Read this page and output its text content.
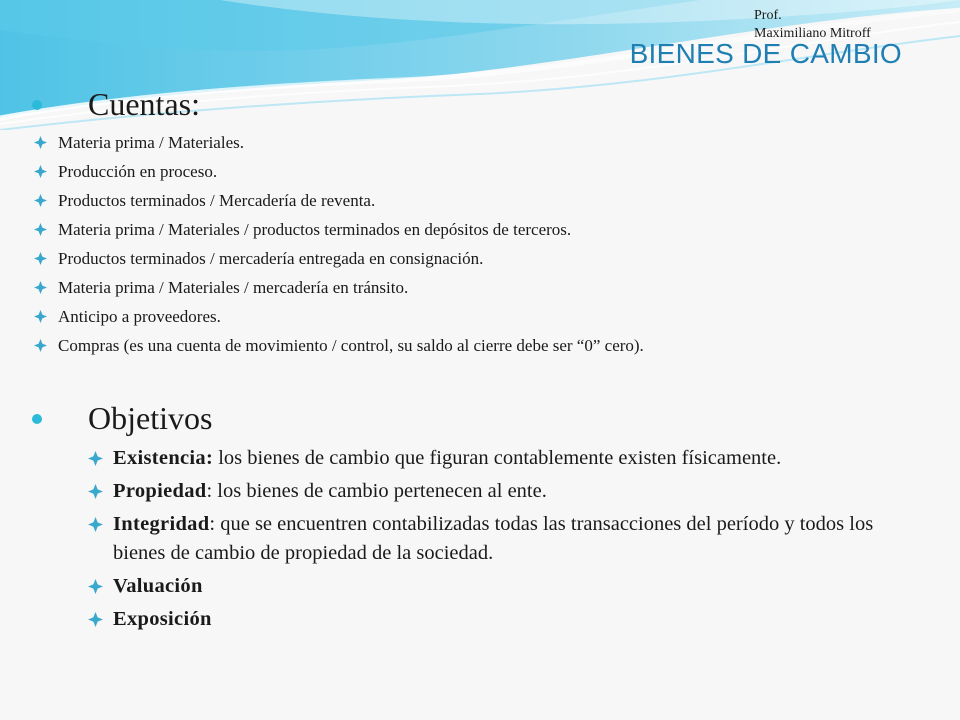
Prof.
Maximiliano Mitroff
BIENES DE CAMBIO
Cuentas:
Materia prima / Materiales.
Producción en proceso.
Productos terminados / Mercadería de reventa.
Materia prima / Materiales / productos terminados en depósitos de terceros.
Productos terminados / mercadería entregada en consignación.
Materia prima / Materiales / mercadería en tránsito.
Anticipo a proveedores.
Compras (es una cuenta de movimiento / control, su saldo al cierre debe ser “0” cero).
Objetivos
Existencia: los bienes de cambio que figuran contablemente existen físicamente.
Propiedad: los bienes de cambio pertenecen al ente.
Integridad: que se encuentren contabilizadas todas las transacciones del período y todos los bienes de cambio de propiedad de la sociedad.
Valuación
Exposición
